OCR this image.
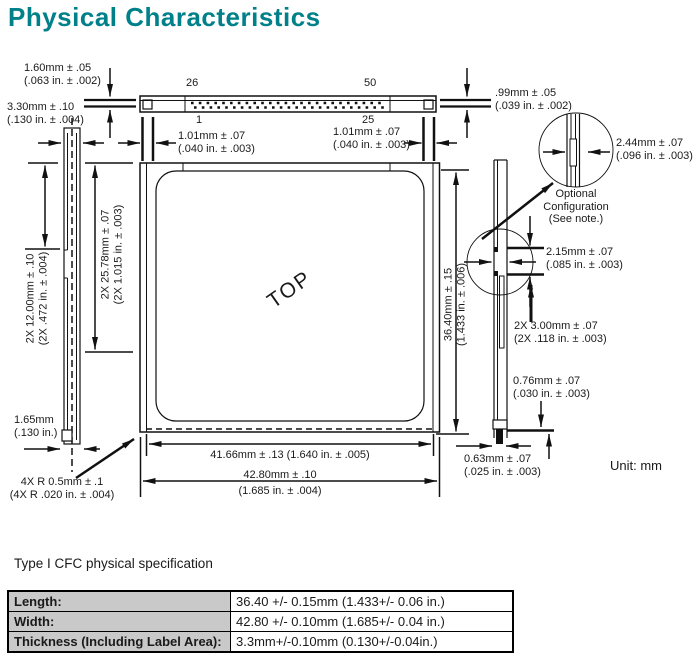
Physical Characteristics
1.60mm ± .05
(.063 in. ± .002)
3.30mm ± .10
(.130 in. ± .004)
26	50
1	25
1.01mm ± .07
(.040 in. ± .003)
1.01mm ± .07
(.040 in. ± .003)
.99mm ± .05
(.039 in. ± .002)
2.44mm ± .07
(.096 in. ± .003)
Optional
Configuration
(See note.)
2.15mm ± .07
(.085 in. ± .003)
2X 3.00mm ± .07
(2X .118 in. ± .003)
0.76mm ± .07
(.030 in. ± .003)
0.63mm ± .07
(.025 in. ± .003)
36.40mm ± .15 (1.433 in. ± .006)
2X 25.78mm ± .07 (2X 1.015 in. ± .003)
2X 12.00mm ± .10 (2X .472 in. ± .004)
41.66mm ± .13 (1.640 in. ± .005)
42.80mm ± .10
(1.685 in. ± .004)
1.65mm
(.130 in.)
4X R 0.5mm ± .1
(4X R .020 in. ± .004)
TOP
Unit: mm
Type I CFC physical specification
Length:	36.40 +/- 0.15mm (1.433+/- 0.06 in.)
Width:	42.80 +/- 0.10mm (1.685+/- 0.04 in.)
Thickness (Including Label Area):	3.3mm+/-0.10mm (0.130+/-0.04in.)
